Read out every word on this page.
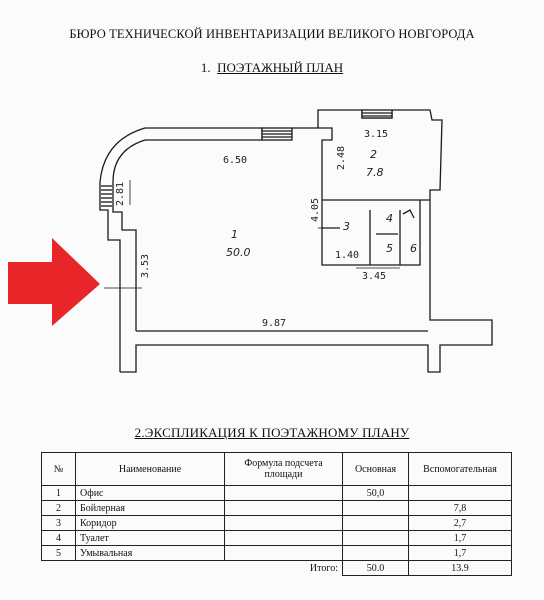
БЮРО ТЕХНИЧЕСКОЙ ИНВЕНТАРИЗАЦИИ ВЕЛИКОГО НОВГОРОДА
1. ПОЭТАЖНЫЙ ПЛАН
6.50
2.81
3.53
9.87
3.15
2.48
4.05
1.40
3.45
1
50.0
2
7.8
3
4
5 6
2.ЭКСПЛИКАЦИЯ К ПОЭТАЖНОМУ ПЛАНУ
№	Наименование	Формула подсчета площади	Основная	Вспомогательная
1	Офис		50,0	
2	Бойлерная			7,8
3	Коридор			2,7
4	Туалет			1,7
5	Умывальная			1,7
Итого:			50.0	13.9
